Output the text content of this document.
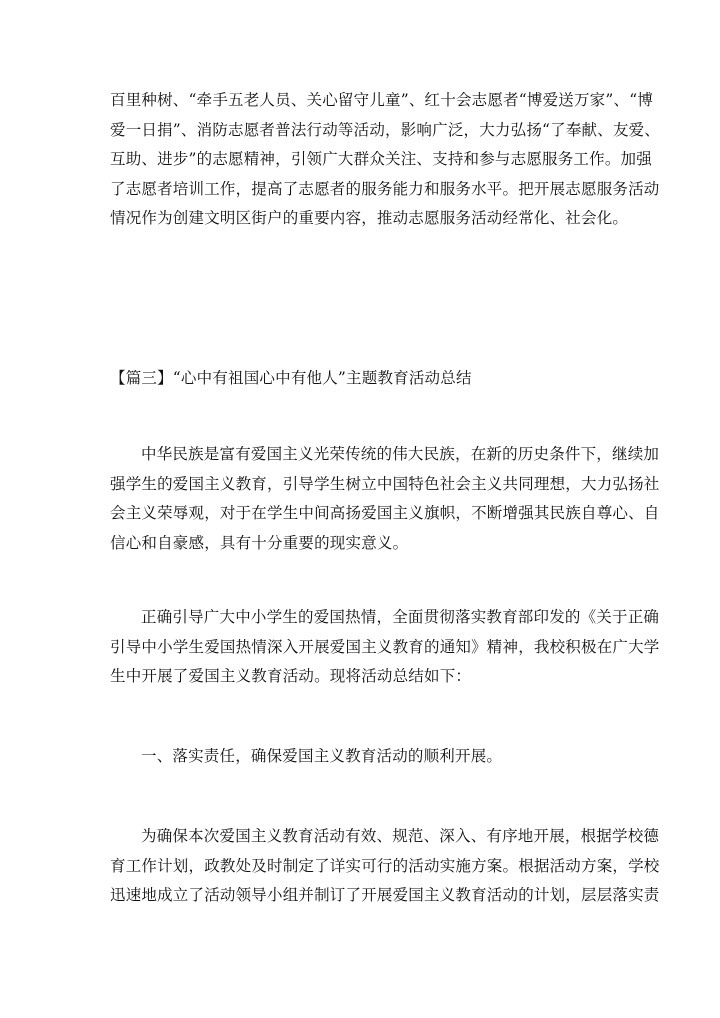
百里种树、“牵手五老人员、关心留守儿童”、红十会志愿者“博爱送万家”、“博
爱一日捐”、消防志愿者普法行动等活动，影响广泛，大力弘扬“了奉献、友爱、
互助、进步”的志愿精神，引领广大群众关注、支持和参与志愿服务工作。加强
了志愿者培训工作，提高了志愿者的服务能力和服务水平。把开展志愿服务活动
情况作为创建文明区街户的重要内容，推动志愿服务活动经常化、社会化。
【篇三】“心中有祖国心中有他人”主题教育活动总结
中华民族是富有爱国主义光荣传统的伟大民族，在新的历史条件下，继续加
强学生的爱国主义教育，引导学生树立中国特色社会主义共同理想，大力弘扬社
会主义荣辱观，对于在学生中间高扬爱国主义旗帜，不断增强其民族自尊心、自
信心和自豪感，具有十分重要的现实意义。
正确引导广大中小学生的爱国热情，全面贯彻落实教育部印发的《关于正确
引导中小学生爱国热情深入开展爱国主义教育的通知》精神，我校积极在广大学
生中开展了爱国主义教育活动。现将活动总结如下：
一、落实责任，确保爱国主义教育活动的顺利开展。
为确保本次爱国主义教育活动有效、规范、深入、有序地开展，根据学校德
育工作计划，政教处及时制定了详实可行的活动实施方案。根据活动方案，学校
迅速地成立了活动领导小组并制订了开展爱国主义教育活动的计划，层层落实责
